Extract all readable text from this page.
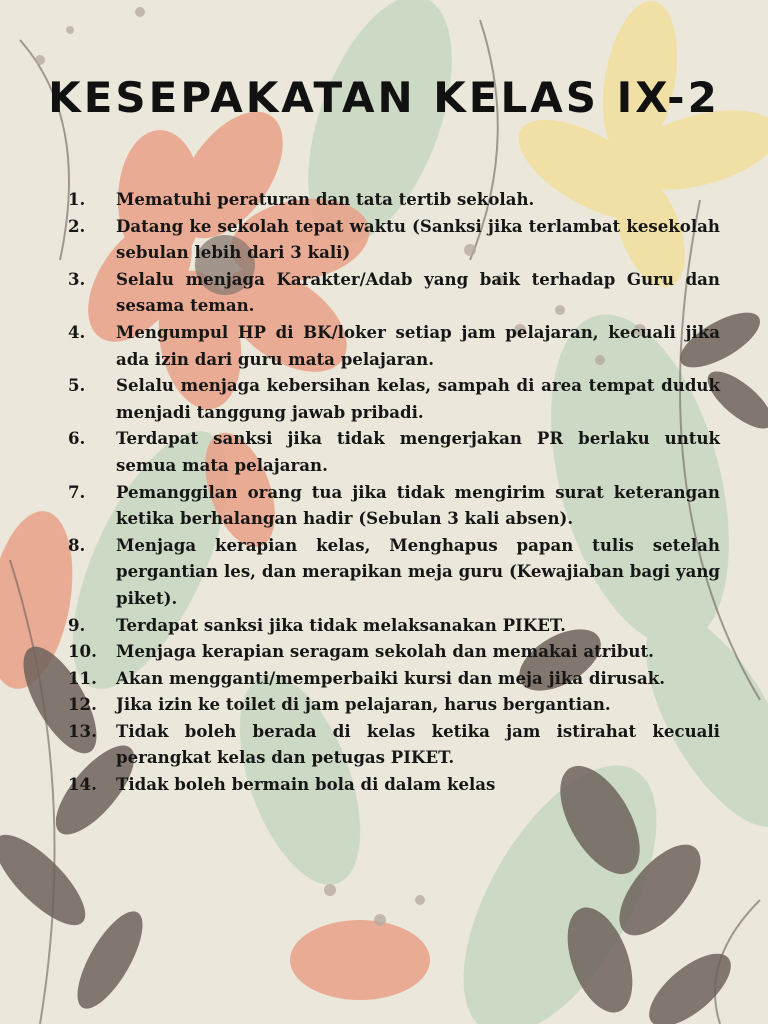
KESEPAKATAN KELAS IX-2
1.	Mematuhi peraturan dan tata tertib sekolah.
2.	Datang ke sekolah tepat waktu (Sanksi jika terlambat kesekolah sebulan lebih dari 3 kali)
3.	Selalu menjaga Karakter/Adab yang baik terhadap Guru dan sesama teman.
4.	Mengumpul HP di BK/loker setiap jam pelajaran, kecuali jika ada izin dari guru mata pelajaran.
5.	Selalu menjaga kebersihan kelas, sampah di area tempat duduk menjadi tanggung jawab pribadi.
6.	Terdapat sanksi jika tidak mengerjakan PR berlaku untuk semua mata pelajaran.
7.	Pemanggilan orang tua jika tidak mengirim surat keterangan ketika berhalangan hadir (Sebulan 3 kali absen).
8.	Menjaga kerapian kelas, Menghapus papan tulis setelah pergantian les, dan merapikan meja guru (Kewajiaban bagi yang piket).
9.	Terdapat sanksi jika tidak melaksanakan PIKET.
10.	Menjaga kerapian seragam sekolah dan memakai atribut.
11.	Akan mengganti/memperbaiki kursi dan meja jika dirusak.
12.	Jika izin ke toilet di jam pelajaran, harus bergantian.
13.	Tidak boleh berada di kelas ketika jam istirahat kecuali perangkat kelas dan petugas PIKET.
14.	Tidak boleh bermain bola di dalam kelas
